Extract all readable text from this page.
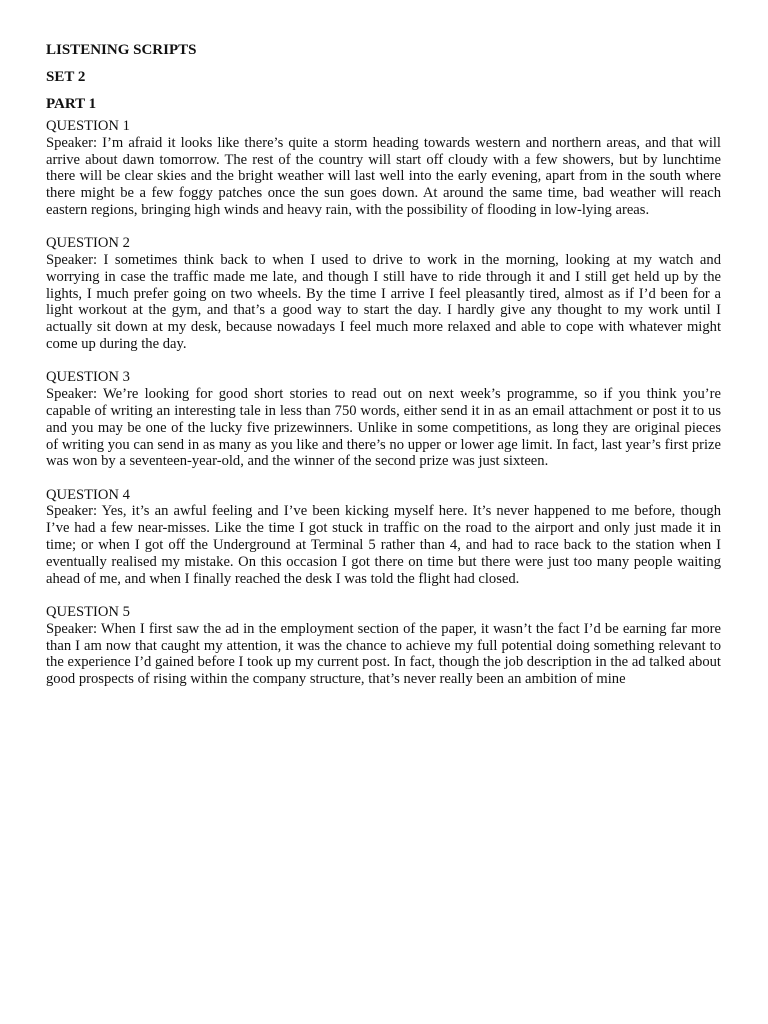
LISTENING SCRIPTS
SET 2
PART 1
QUESTION 1
Speaker: I’m afraid it looks like there’s quite a storm heading towards western and northern areas, and that will arrive about dawn tomorrow. The rest of the country will start off cloudy with a few showers, but by lunchtime there will be clear skies and the bright weather will last well into the early evening, apart from in the south where there might be a few foggy patches once the sun goes down. At around the same time, bad weather will reach eastern regions, bringing high winds and heavy rain, with the possibility of flooding in low-lying areas.
QUESTION 2
Speaker: I sometimes think back to when I used to drive to work in the morning, looking at my watch and worrying in case the traffic made me late, and though I still have to ride through it and I still get held up by the lights, I much prefer going on two wheels. By the time I arrive I feel pleasantly tired, almost as if I’d been for a light workout at the gym, and that’s a good way to start the day. I hardly give any thought to my work until I actually sit down at my desk, because nowadays I feel much more relaxed and able to cope with whatever might come up during the day.
QUESTION 3
Speaker: We’re looking for good short stories to read out on next week’s programme, so if you think you’re capable of writing an interesting tale in less than 750 words, either send it in as an email attachment or post it to us and you may be one of the lucky five prizewinners. Unlike in some competitions, as long they are original pieces of writing you can send in as many as you like and there’s no upper or lower age limit. In fact, last year’s first prize was won by a seventeen-year-old, and the winner of the second prize was just sixteen.
QUESTION 4
Speaker: Yes, it’s an awful feeling and I’ve been kicking myself here. It’s never happened to me before, though I’ve had a few near-misses. Like the time I got stuck in traffic on the road to the airport and only just made it in time; or when I got off the Underground at Terminal 5 rather than 4, and had to race back to the station when I eventually realised my mistake. On this occasion I got there on time but there were just too many people waiting ahead of me, and when I finally reached the desk I was told the flight had closed.
QUESTION 5
Speaker: When I first saw the ad in the employment section of the paper, it wasn’t the fact I’d be earning far more than I am now that caught my attention, it was the chance to achieve my full potential doing something relevant to the experience I’d gained before I took up my current post. In fact, though the job description in the ad talked about good prospects of rising within the company structure, that’s never really been an ambition of mine
